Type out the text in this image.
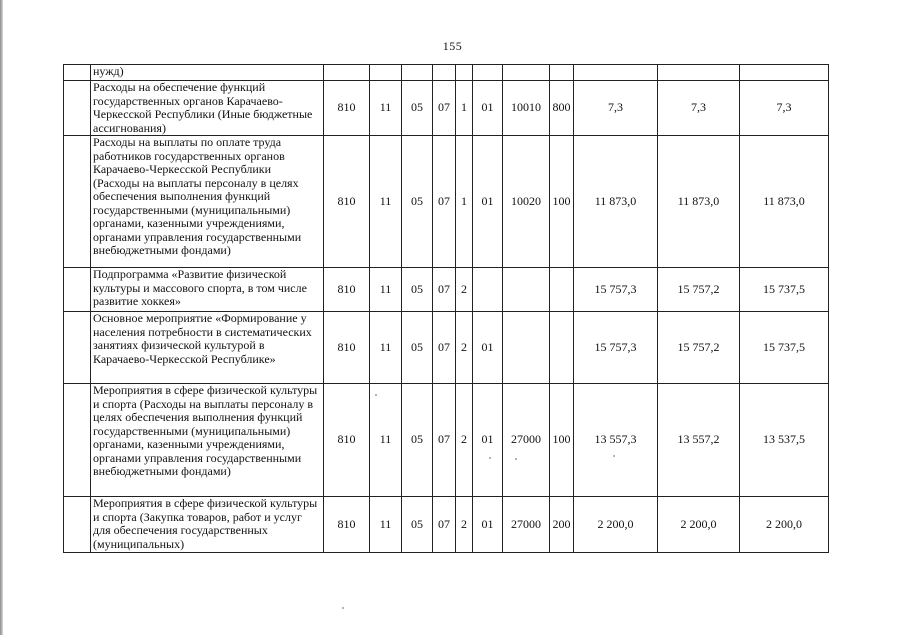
155
	нужд)											
	Расходы на обеспечение функций государственных органов Карачаево-Черкесской Республики (Иные бюджетные ассигнования)	810	11	05	07	1	01	10010	800	7,3	7,3	7,3
	Расходы на выплаты по оплате труда работников государственных органов Карачаево-Черкесской Республики (Расходы на выплаты персоналу в целях обеспечения выполнения функций государственными (муниципальными) органами, казенными учреждениями, органами управления государственными внебюджетными фондами)	810	11	05	07	1	01	10020	100	11 873,0	11 873,0	11 873,0
	Подпрограмма «Развитие физической культуры и массового спорта, в том числе развитие хоккея»	810	11	05	07	2				15 757,3	15 757,2	15 737,5
	Основное мероприятие «Формирование у населения потребности в систематических занятиях физической культурой в Карачаево-Черкесской Республике»	810	11	05	07	2	01			15 757,3	15 757,2	15 737,5
	Мероприятия в сфере физической культуры и спорта (Расходы на выплаты персоналу в целях обеспечения выполнения функций государственными (муниципальными) органами, казенными учреждениями, органами управления государственными внебюджетными фондами)	810	11	05	07	2	01	27000	100	13 557,3	13 557,2	13 537,5
	Мероприятия в сфере физической культуры и спорта (Закупка товаров, работ и услуг для обеспечения государственных (муниципальных)	810	11	05	07	2	01	27000	200	2 200,0	2 200,0	2 200,0
